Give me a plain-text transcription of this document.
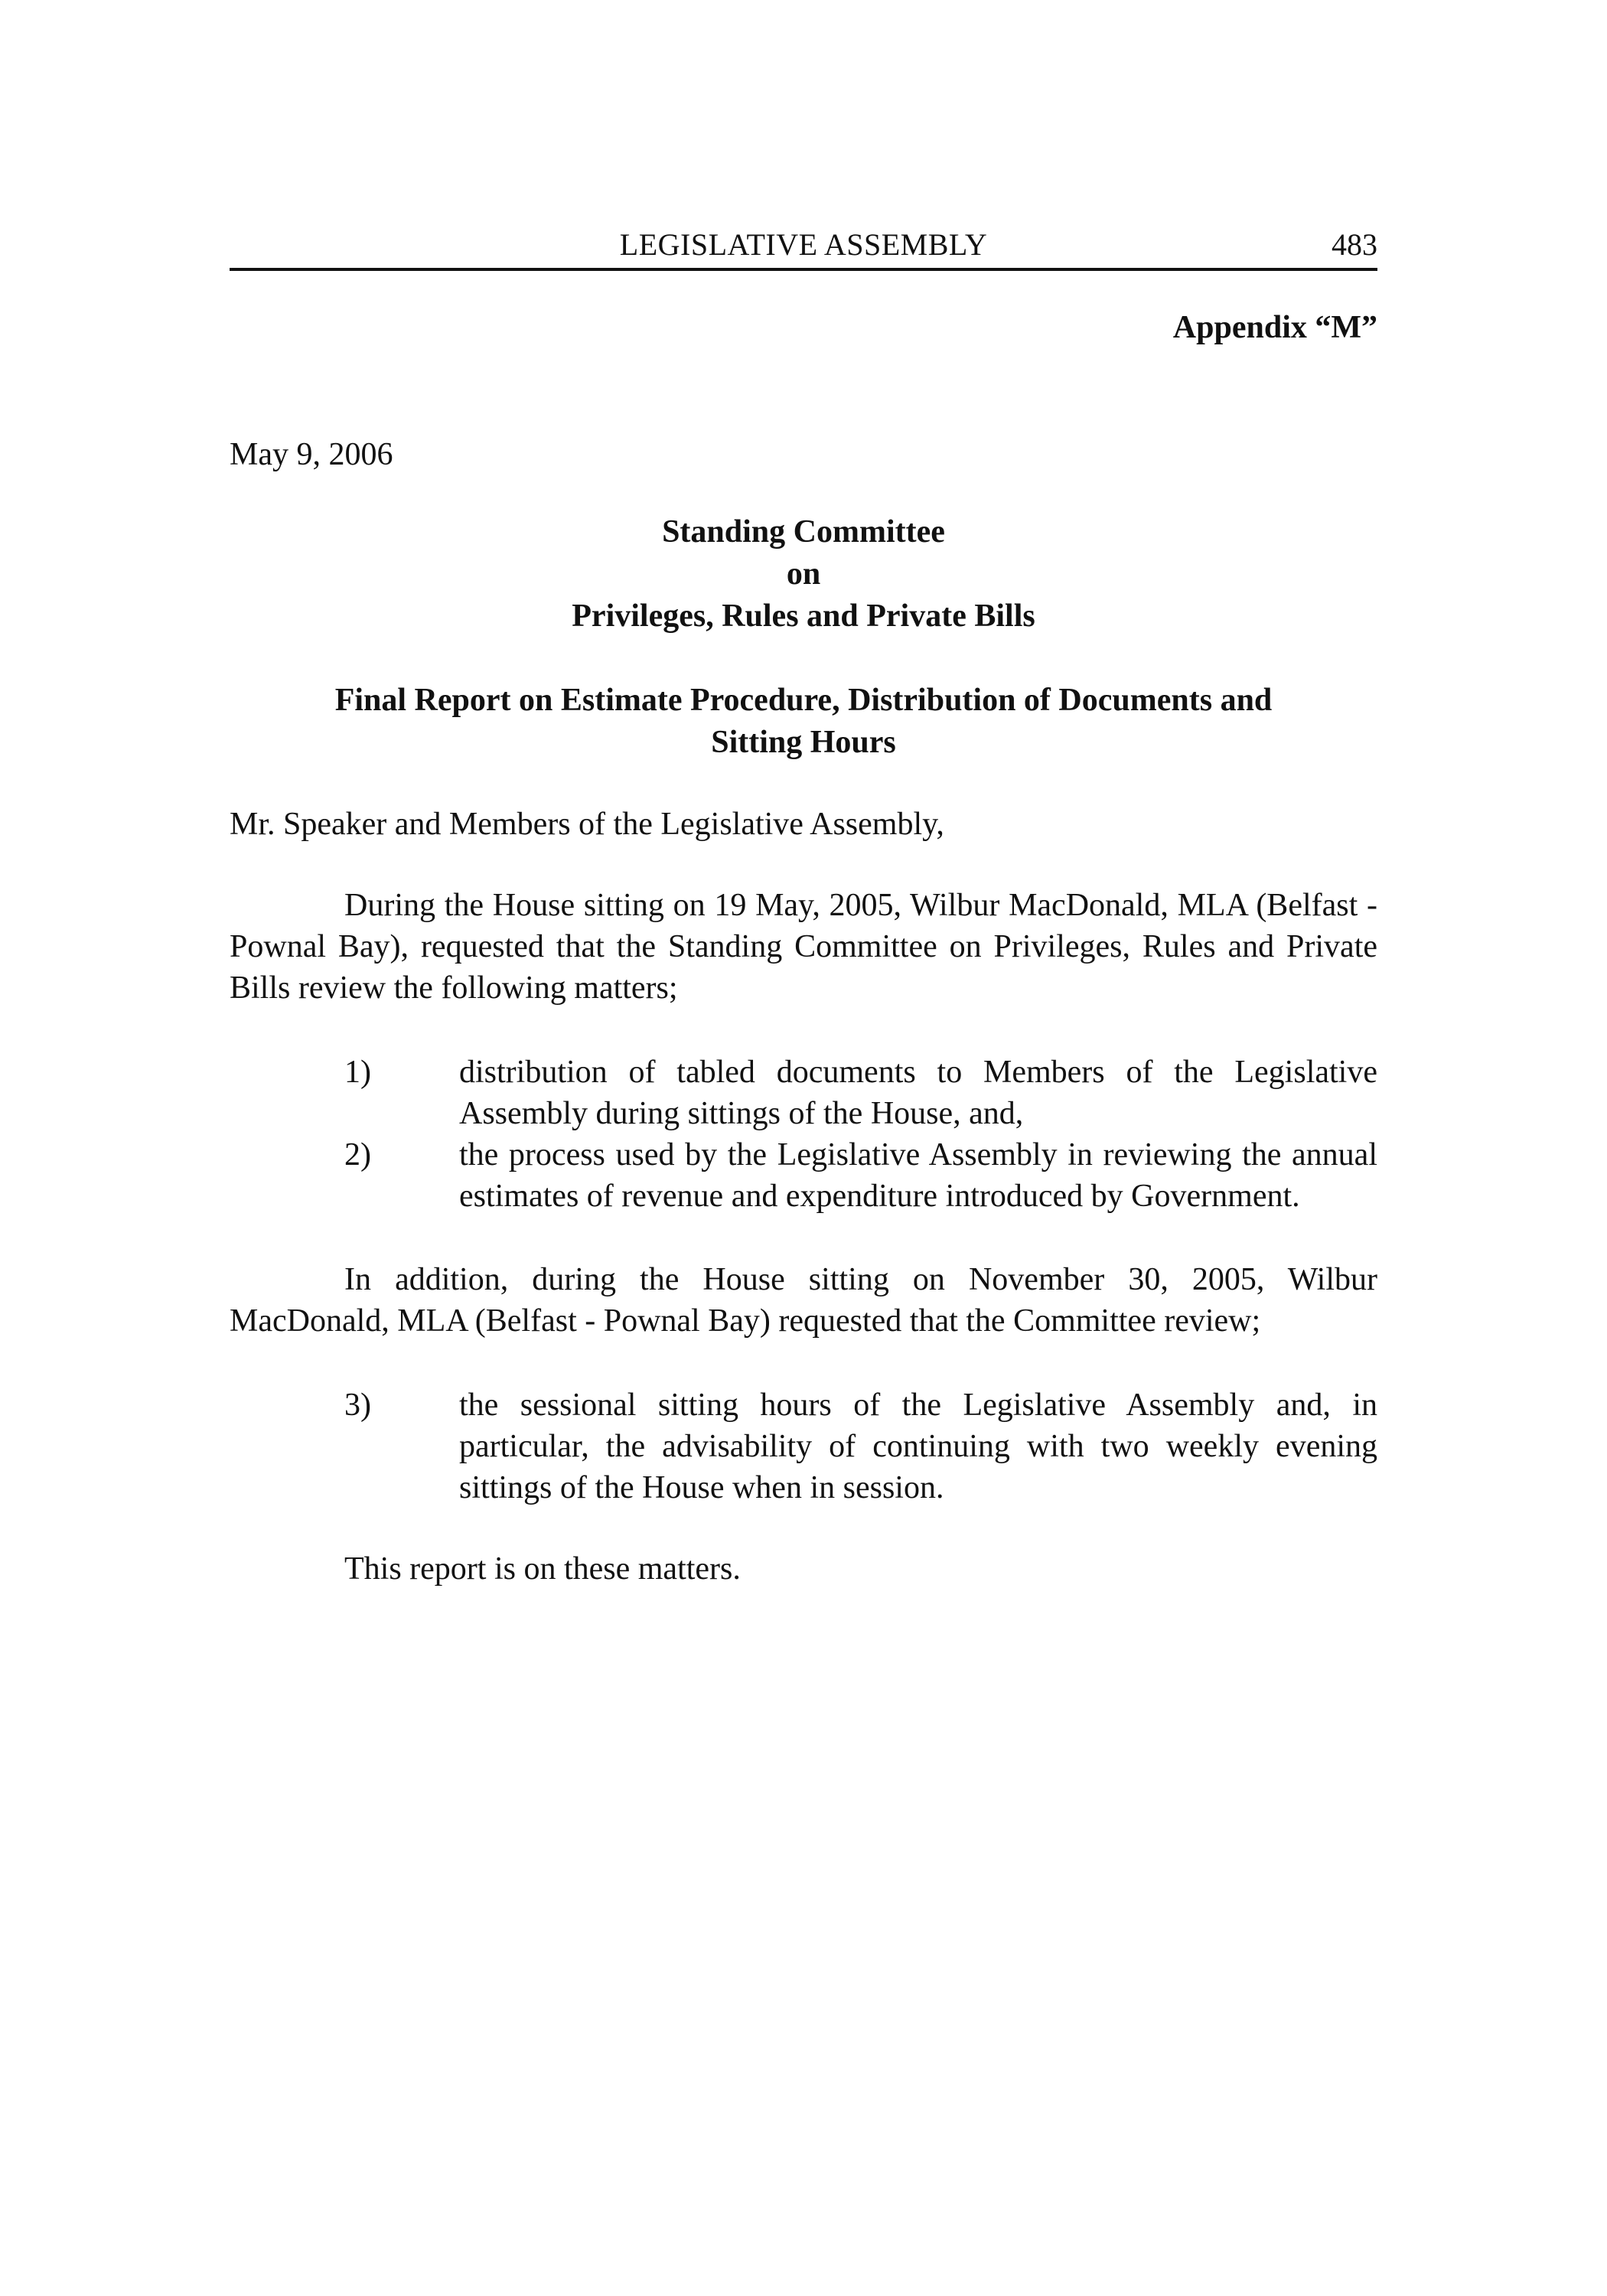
LEGISLATIVE ASSEMBLY	483
Appendix “M”
May 9, 2006
Standing Committee
on
Privileges, Rules and Private Bills
Final Report on Estimate Procedure, Distribution of Documents and
Sitting Hours
Mr. Speaker and Members of the Legislative Assembly,

During the House sitting on 19 May, 2005, Wilbur MacDonald, MLA (Belfast - Pownal Bay), requested that the Standing Committee on Privileges, Rules and Private Bills review the following matters;

1)	distribution of tabled documents to Members of the Legislative Assembly during sittings of the House, and,
2)	the process used by the Legislative Assembly in reviewing the annual estimates of revenue and expenditure introduced by Government.

In addition, during the House sitting on November 30, 2005, Wilbur MacDonald, MLA (Belfast - Pownal Bay) requested that the Committee review;

3)	the sessional sitting hours of the Legislative Assembly and, in particular, the advisability of continuing with two weekly evening sittings of the House when in session.
This report is on these matters.
